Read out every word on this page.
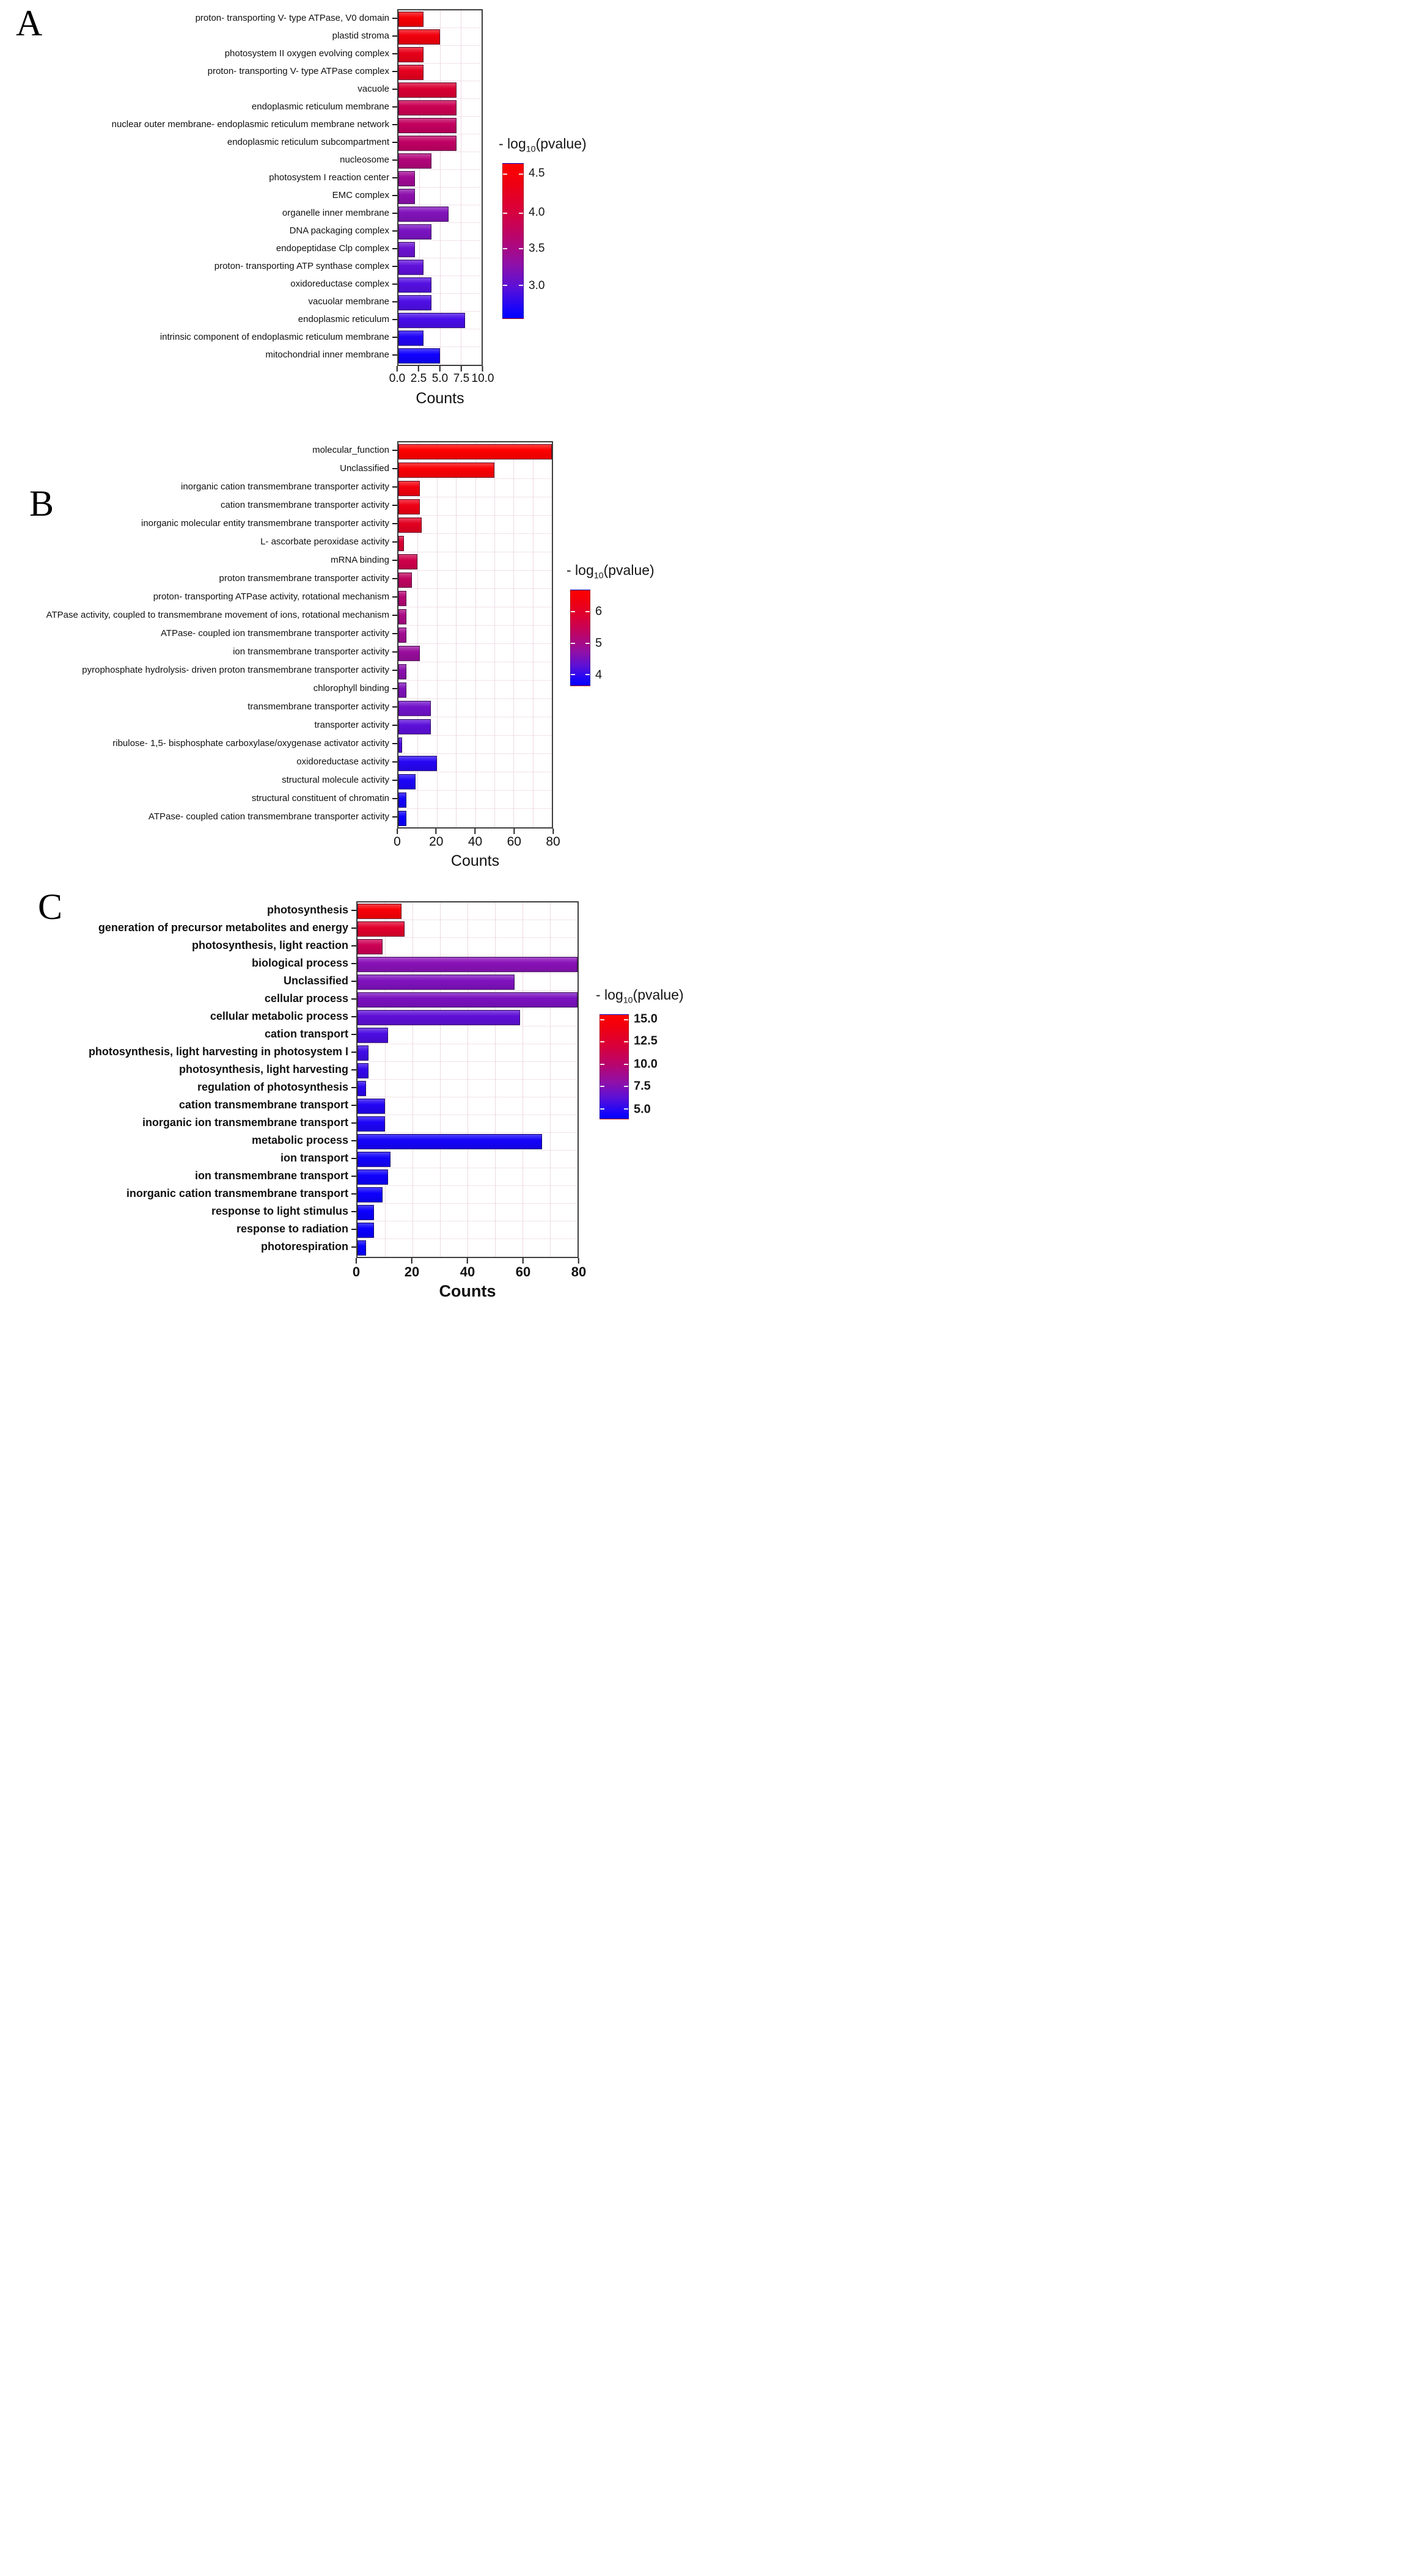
A	proton- transporting V- type ATPase, V0 domain
plastid stroma
photosystem II oxygen evolving complex
proton- transporting V- type ATPase complex
vacuole
endoplasmic reticulum membrane
nuclear outer membrane- endoplasmic reticulum membrane network
endoplasmic reticulum subcompartment
nucleosome
photosystem I reaction center
EMC complex
organelle inner membrane
DNA packaging complex
endopeptidase Clp complex
proton- transporting ATP synthase complex
oxidoreductase complex
vacuolar membrane
endoplasmic reticulum
intrinsic component of endoplasmic reticulum membrane
mitochondrial inner membrane
0.0 2.5 5.0 7.5 10.0
Counts
- $\log_{10}(pvalue)$
4.5
4.0
3.5
3.0
B
molecular_function
Unclassified
inorganic cation transmembrane transporter activity
cation transmembrane transporter activity
inorganic molecular entity transmembrane transporter activity
L- ascorbate peroxidase activity
mRNA binding
proton transmembrane transporter activity
proton- transporting ATPase activity, rotational mechanism
ATPase activity, coupled to transmembrane movement of ions, rotational mechanism
ATPase- coupled ion transmembrane transporter activity
ion transmembrane transporter activity
pyrophosphate hydrolysis- driven proton transmembrane transporter activity
chlorophyll binding
transmembrane transporter activity
transporter activity
ribulose- 1,5- bisphosphate carboxylase/oxygenase activator activity
oxidoreductase activity
structural molecule activity
structural constituent of chromatin
ATPase- coupled cation transmembrane transporter activity
0 20 40 60 80
Counts
- $\log_{10}(pvalue)$
6
5
4
C	photosynthesis
generation of precursor metabolites and energy
photosynthesis, light reaction
biological process
Unclassified
cellular process
cellular metabolic process
cation transport
photosynthesis, light harvesting in photosystem I
photosynthesis, light harvesting
regulation of photosynthesis
cation transmembrane transport
inorganic ion transmembrane transport
metabolic process
ion transport
ion transmembrane transport
inorganic cation transmembrane transport
response to light stimulus
response to radiation
photorespiration
0	20	40	60	80
Counts
- $\log_{10}(pvalue)$
15.0
12.5
10.0
7.5
5.0
